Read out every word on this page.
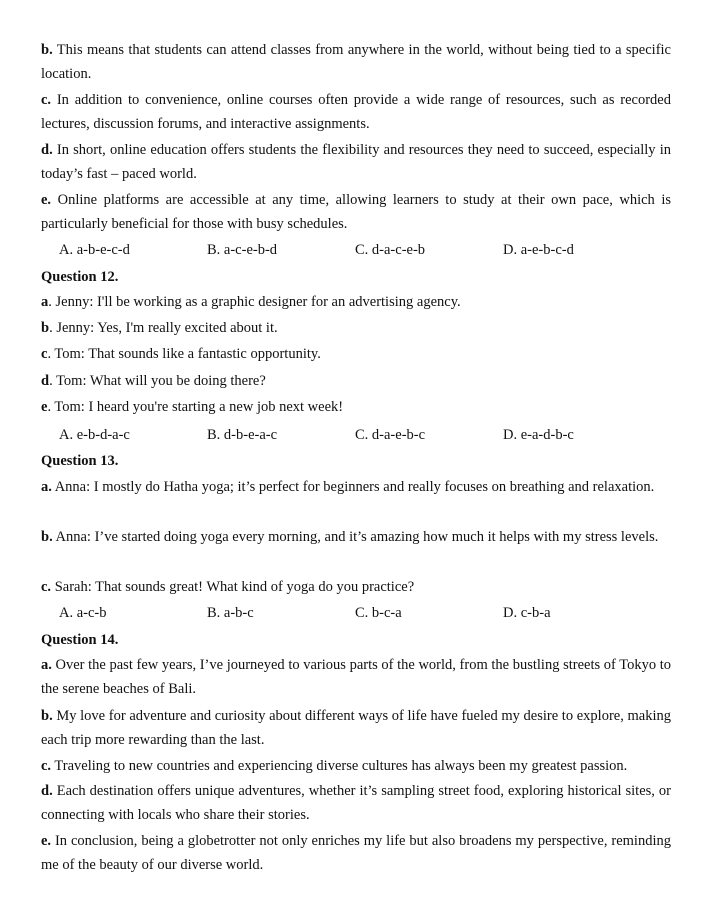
b. This means that students can attend classes from anywhere in the world, without being tied to a specific location.

c. In addition to convenience, online courses often provide a wide range of resources, such as recorded lectures, discussion forums, and interactive assignments.

d. In short, online education offers students the flexibility and resources they need to succeed, especially in today’s fast – paced world.

e. Online platforms are accessible at any time, allowing learners to study at their own pace, which is particularly beneficial for those with busy schedules.

A. a-b-e-c-d	B. a-c-e-b-d	C. d-a-c-e-b	D. a-e-b-c-d

Question 12.

a. Jenny: I'll be working as a graphic designer for an advertising agency.

b. Jenny: Yes, I'm really excited about it.

c. Tom: That sounds like a fantastic opportunity.

d. Tom: What will you be doing there?

e. Tom: I heard you're starting a new job next week!

A. e-b-d-a-c	B. d-b-e-a-c	C. d-a-e-b-c	D. e-a-d-b-c

Question 13.

a. Anna: I mostly do Hatha yoga; it’s perfect for beginners and really focuses on breathing and relaxation.

b. Anna: I’ve started doing yoga every morning, and it’s amazing how much it helps with my stress levels.

c. Sarah: That sounds great! What kind of yoga do you practice?

A. a-c-b	B. a-b-c	C. b-c-a	D. c-b-a

Question 14.

a. Over the past few years, I’ve journeyed to various parts of the world, from the bustling streets of Tokyo to the serene beaches of Bali.

b. My love for adventure and curiosity about different ways of life have fueled my desire to explore, making each trip more rewarding than the last.

c. Traveling to new countries and experiencing diverse cultures has always been my greatest passion.

d. Each destination offers unique adventures, whether it’s sampling street food, exploring historical sites, or connecting with locals who share their stories.

e. In conclusion, being a globetrotter not only enriches my life but also broadens my perspective, reminding me of the beauty of our diverse world.
